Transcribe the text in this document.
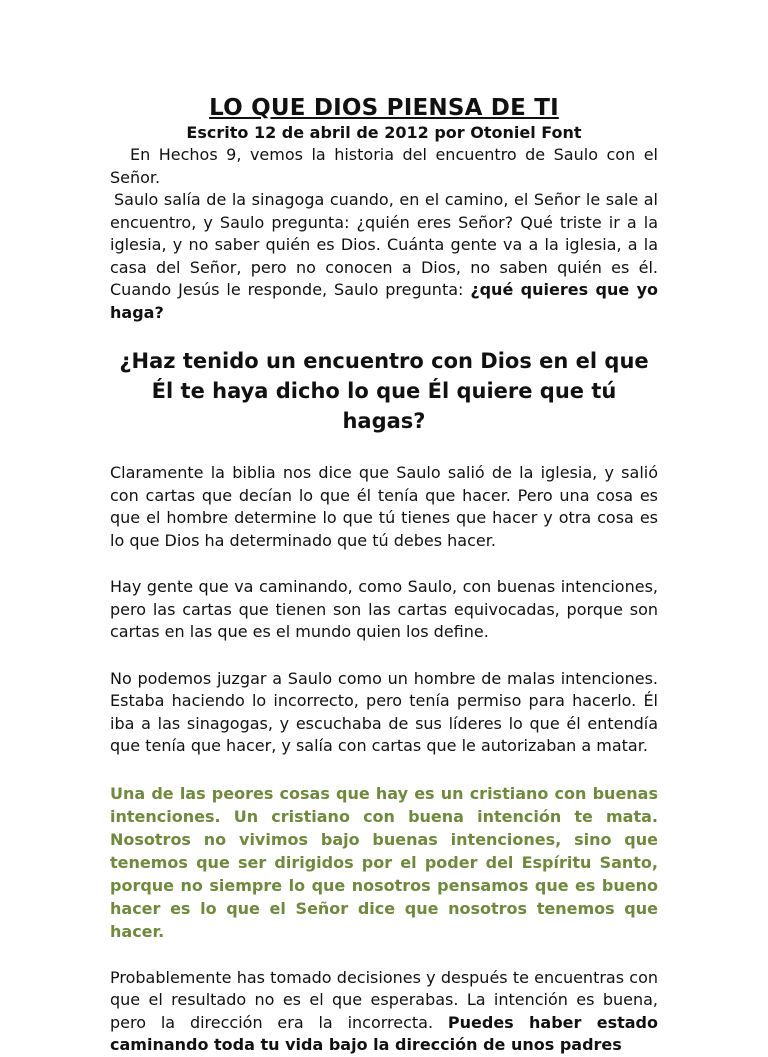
LO QUE DIOS PIENSA DE TI
Escrito 12 de abril de 2012 por Otoniel Font

En Hechos 9, vemos la historia del encuentro de Saulo con el Señor.

Saulo salía de la sinagoga cuando, en el camino, el Señor le sale al encuentro, y Saulo pregunta: ¿quién eres Señor? Qué triste ir a la iglesia, y no saber quién es Dios. Cuánta gente va a la iglesia, a la casa del Señor, pero no conocen a Dios, no saben quién es él. Cuando Jesús le responde, Saulo pregunta: ¿qué quieres que yo haga?

¿Haz tenido un encuentro con Dios en el que Él te haya dicho lo que Él quiere que tú hagas?

Claramente la biblia nos dice que Saulo salió de la iglesia, y salió con cartas que decían lo que él tenía que hacer. Pero una cosa es que el hombre determine lo que tú tienes que hacer y otra cosa es lo que Dios ha determinado que tú debes hacer.

Hay gente que va caminando, como Saulo, con buenas intenciones, pero las cartas que tienen son las cartas equivocadas, porque son cartas en las que es el mundo quien los define.

No podemos juzgar a Saulo como un hombre de malas intenciones. Estaba haciendo lo incorrecto, pero tenía permiso para hacerlo. Él iba a las sinagogas, y escuchaba de sus líderes lo que él entendía que tenía que hacer, y salía con cartas que le autorizaban a matar.

Una de las peores cosas que hay es un cristiano con buenas intenciones. Un cristiano con buena intención te mata. Nosotros no vivimos bajo buenas intenciones, sino que tenemos que ser dirigidos por el poder del Espíritu Santo, porque no siempre lo que nosotros pensamos que es bueno hacer es lo que el Señor dice que nosotros tenemos que hacer.

Probablemente has tomado decisiones y después te encuentras con que el resultado no es el que esperabas. La intención es buena, pero la dirección era la incorrecta. Puedes haber estado caminando toda tu vida bajo la dirección de unos padres
